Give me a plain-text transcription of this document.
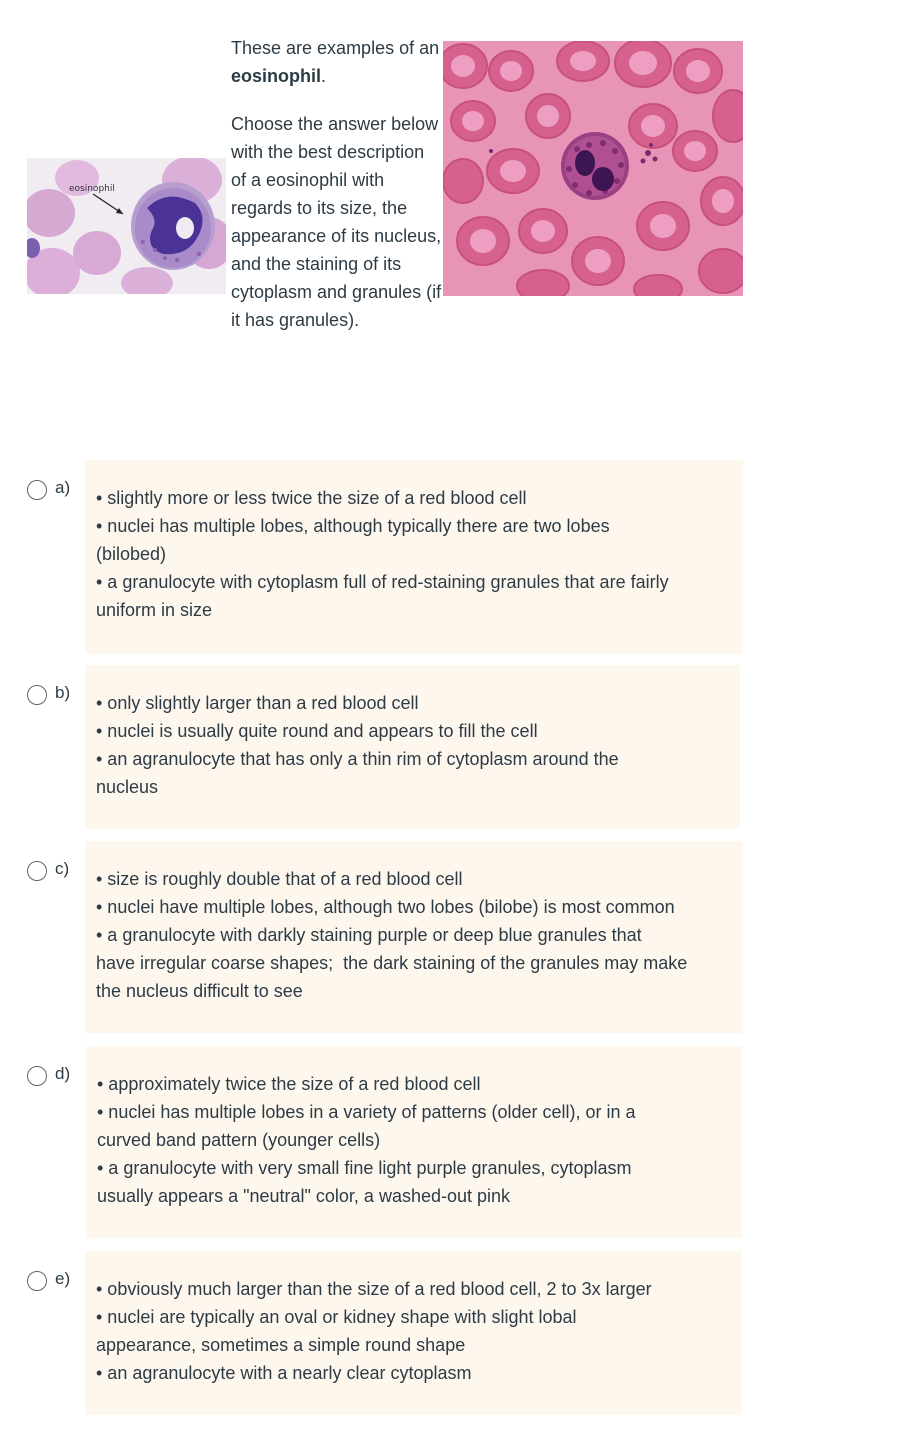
eosinophil

These are examples of an eosinophil.

Choose the answer below with the best description of a eosinophil with regards to its size, the appearance of its nucleus, and the staining of its cytoplasm and granules (if it has granules).

a)

• slightly more or less twice the size of a red blood cell

• nuclei has multiple lobes, although typically there are two lobes

(bilobed)

• a granulocyte with cytoplasm full of red-staining granules that are fairly

uniform in size

b)

• only slightly larger than a red blood cell

• nuclei is usually quite round and appears to fill the cell

• an agranulocyte that has only a thin rim of cytoplasm around the

nucleus

c)

• size is roughly double that of a red blood cell

• nuclei have multiple lobes, although two lobes (bilobe) is most common

• a granulocyte with darkly staining purple or deep blue granules that

have irregular coarse shapes;  the dark staining of the granules may make

the nucleus difficult to see

d)

• approximately twice the size of a red blood cell

• nuclei has multiple lobes in a variety of patterns (older cell), or in a

curved band pattern (younger cells)

• a granulocyte with very small fine light purple granules, cytoplasm

usually appears a "neutral" color, a washed-out pink

e)

• obviously much larger than the size of a red blood cell, 2 to 3x larger

• nuclei are typically an oval or kidney shape with slight lobal

appearance, sometimes a simple round shape

• an agranulocyte with a nearly clear cytoplasm
